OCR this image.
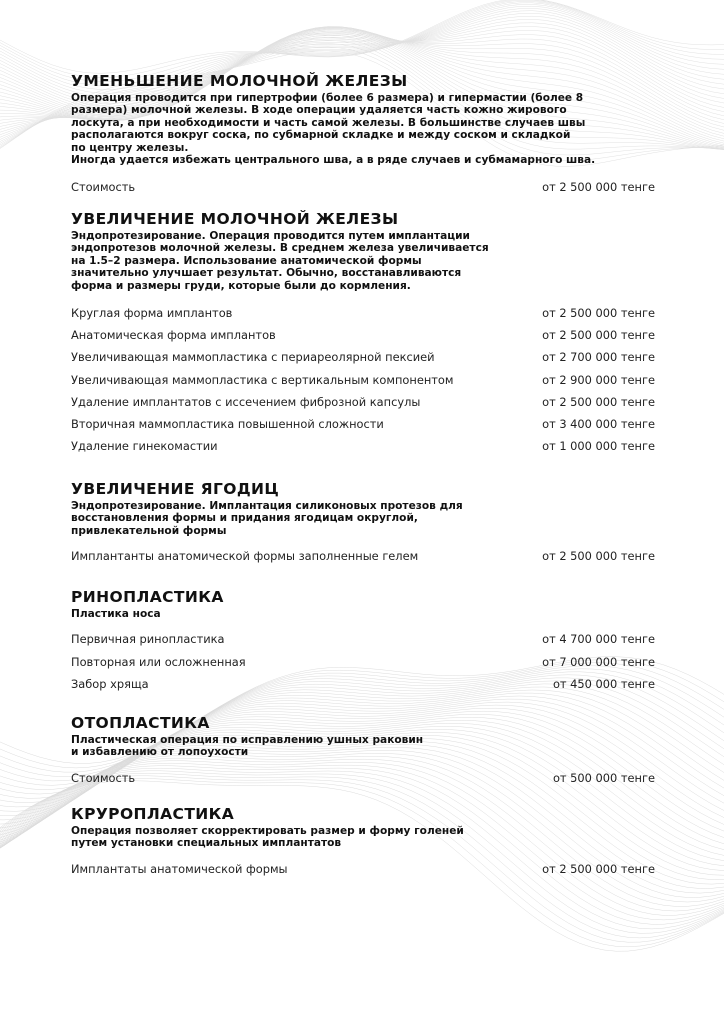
УМЕНЬШЕНИЕ МОЛОЧНОЙ ЖЕЛЕЗЫ

Операция проводится при гипертрофии (более 6 размера) и гипермастии (более 8
размера) молочной железы. В ходе операции удаляется часть кожно жирового
лоскута, а при необходимости и часть самой железы. В большинстве случаев швы
располагаются вокруг соска, по субмарной складке и между соском и складкой
по центру железы.
Иногда удается избежать центрального шва, а в ряде случаев и субмамарного шва.

Стоимость	от 2 500 000 тенге
УВЕЛИЧЕНИЕ МОЛОЧНОЙ ЖЕЛЕЗЫ

Эндопротезирование. Операция проводится путем имплантации
эндопротезов молочной железы. В среднем железа увеличивается
на 1.5–2 размера. Использование анатомической формы
значительно улучшает результат. Обычно, восстанавливаются
форма и размеры груди, которые были до кормления.

Круглая форма имплантов	от 2 500 000 тенге
Анатомическая форма имплантов	от 2 500 000 тенге
Увеличивающая маммопластика с периареолярной пексией	от 2 700 000 тенге
Увеличивающая маммопластика с вертикальным компонентом	от 2 900 000 тенге
Удаление имплантатов с иссечением фиброзной капсулы	от 2 500 000 тенге
Вторичная маммопластика повышенной сложности	от 3 400 000 тенге
Удаление гинекомастии	от 1 000 000 тенге
УВЕЛИЧЕНИЕ ЯГОДИЦ

Эндопротезирование. Имплантация силиконовых протезов для
восстановления формы и придания ягодицам округлой,
привлекательной формы

Имплантанты анатомической формы заполненные гелем	от 2 500 000 тенге
РИНОПЛАСТИКА

Пластика носа

Первичная ринопластика	от 4 700 000 тенге
Повторная или осложненная	от 7 000 000 тенге
Забор хряща	от 450 000 тенге
ОТОПЛАСТИКА

Пластическая операция по исправлению ушных раковин
и избавлению от лопоухости

Стоимость	от 500 000 тенге
КРУРОПЛАСТИКА

Операция позволяет скорректировать размер и форму голеней
путем установки специальных имплантатов

Имплантаты анатомической формы	от 2 500 000 тенге
